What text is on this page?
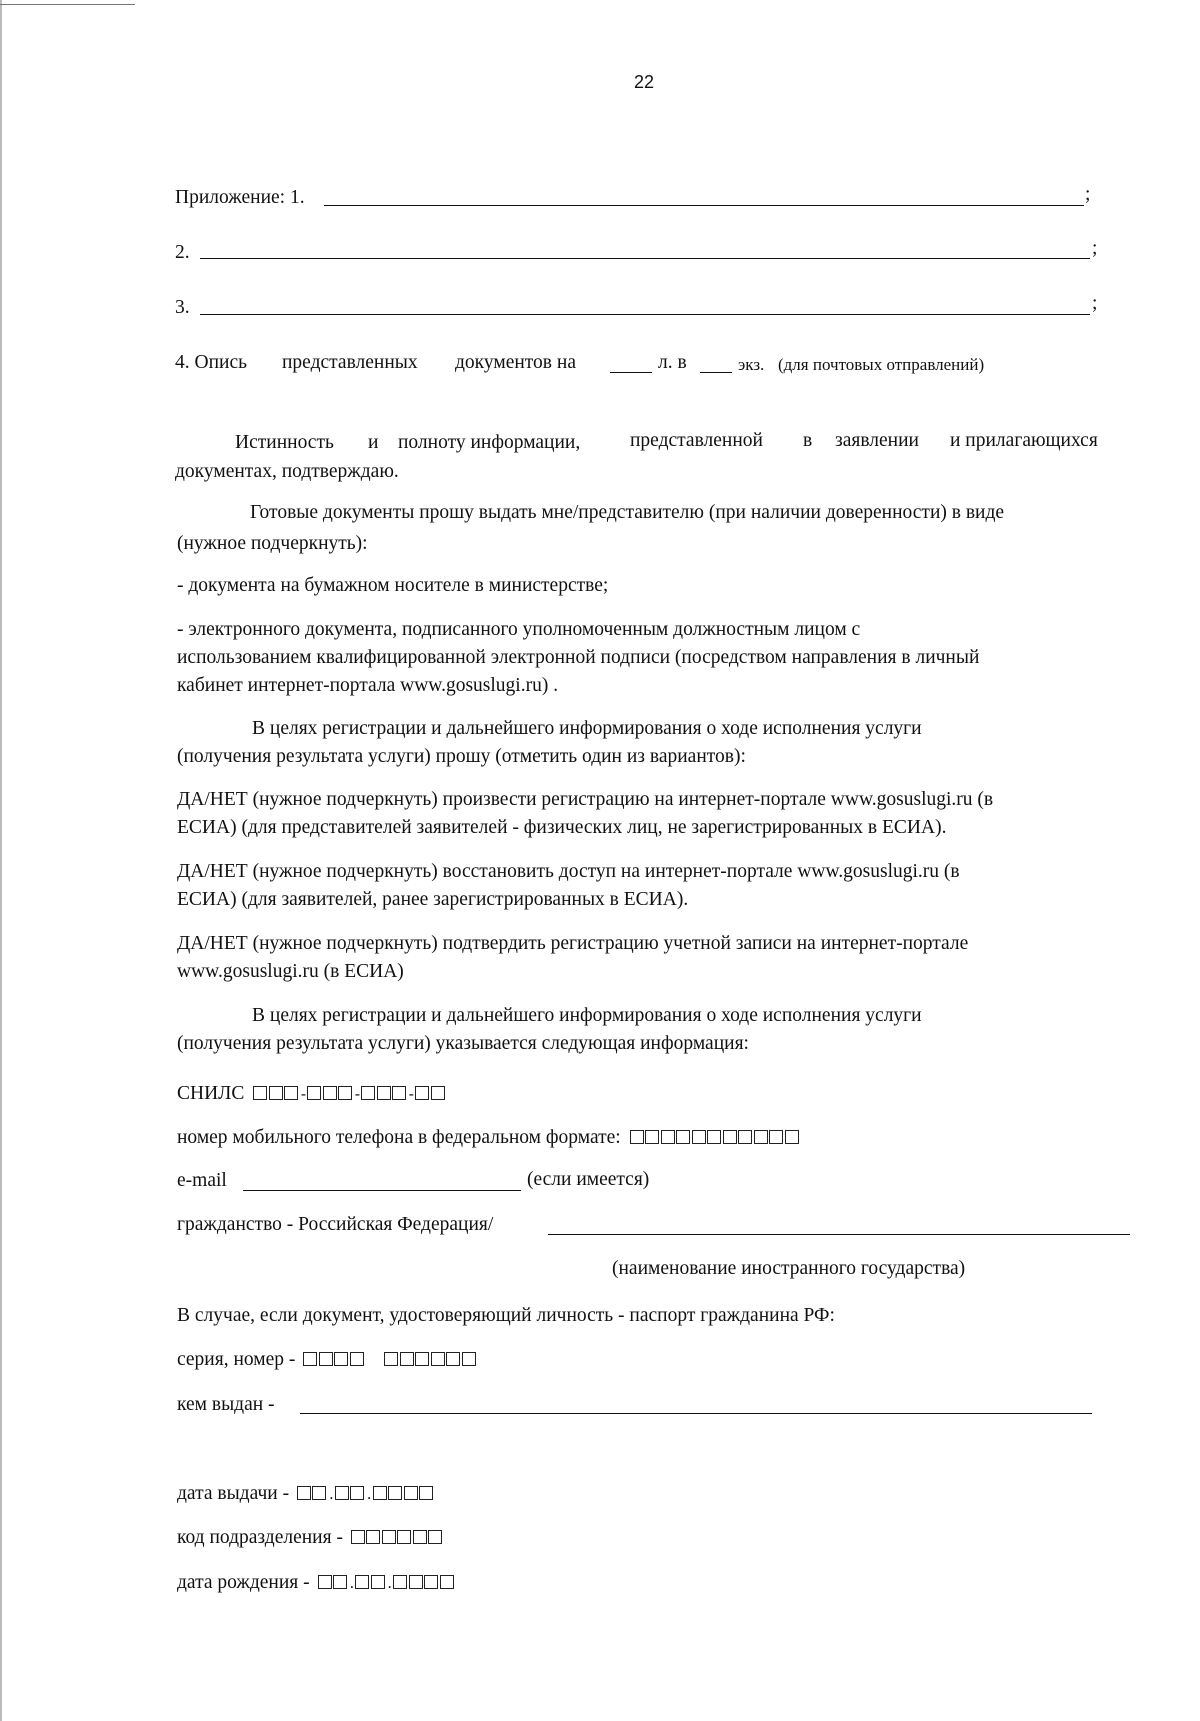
22
Приложение: 1.	;
2.	;
3.	;
4. Опись представленных документов на	л. в	экз. (для почтовых отправлений)
Истинность и полноту информации,	представленной в заявлении и прилагающихся
документах, подтверждаю.
Готовые документы прошу выдать мне/представителю (при наличии доверенности) в виде
(нужное подчеркнуть):
- документа на бумажном носителе в министерстве;
- электронного документа, подписанного уполномоченным должностным лицом с
использованием квалифицированной электронной подписи (посредством направления в личный
кабинет интернет-портала www.gosuslugi.ru) .
В целях регистрации и дальнейшего информирования о ходе исполнения услуги
(получения результата услуги) прошу (отметить один из вариантов):
ДА/НЕТ (нужное подчеркнуть) произвести регистрацию на интернет-портале www.gosuslugi.ru (в
ЕСИА) (для представителей заявителей - физических лиц, не зарегистрированных в ЕСИА).
ДА/НЕТ (нужное подчеркнуть) восстановить доступ на интернет-портале www.gosuslugi.ru (в
ЕСИА) (для заявителей, ранее зарегистрированных в ЕСИА).
ДА/НЕТ (нужное подчеркнуть) подтвердить регистрацию учетной записи на интернет-портале
www.gosuslugi.ru (в ЕСИА)
В целях регистрации и дальнейшего информирования о ходе исполнения услуги
(получения результата услуги) указывается следующая информация:
СНИЛС	-	-	-
номер мобильного телефона в федеральном формате:
e-mail	(если имеется)
гражданство - Российская Федерация/
(наименование иностранного государства)
В случае, если документ, удостоверяющий личность - паспорт гражданина РФ:
серия, номер -
кем выдан -
дата выдачи -	. .
код подразделения -
дата рождения -	. .
